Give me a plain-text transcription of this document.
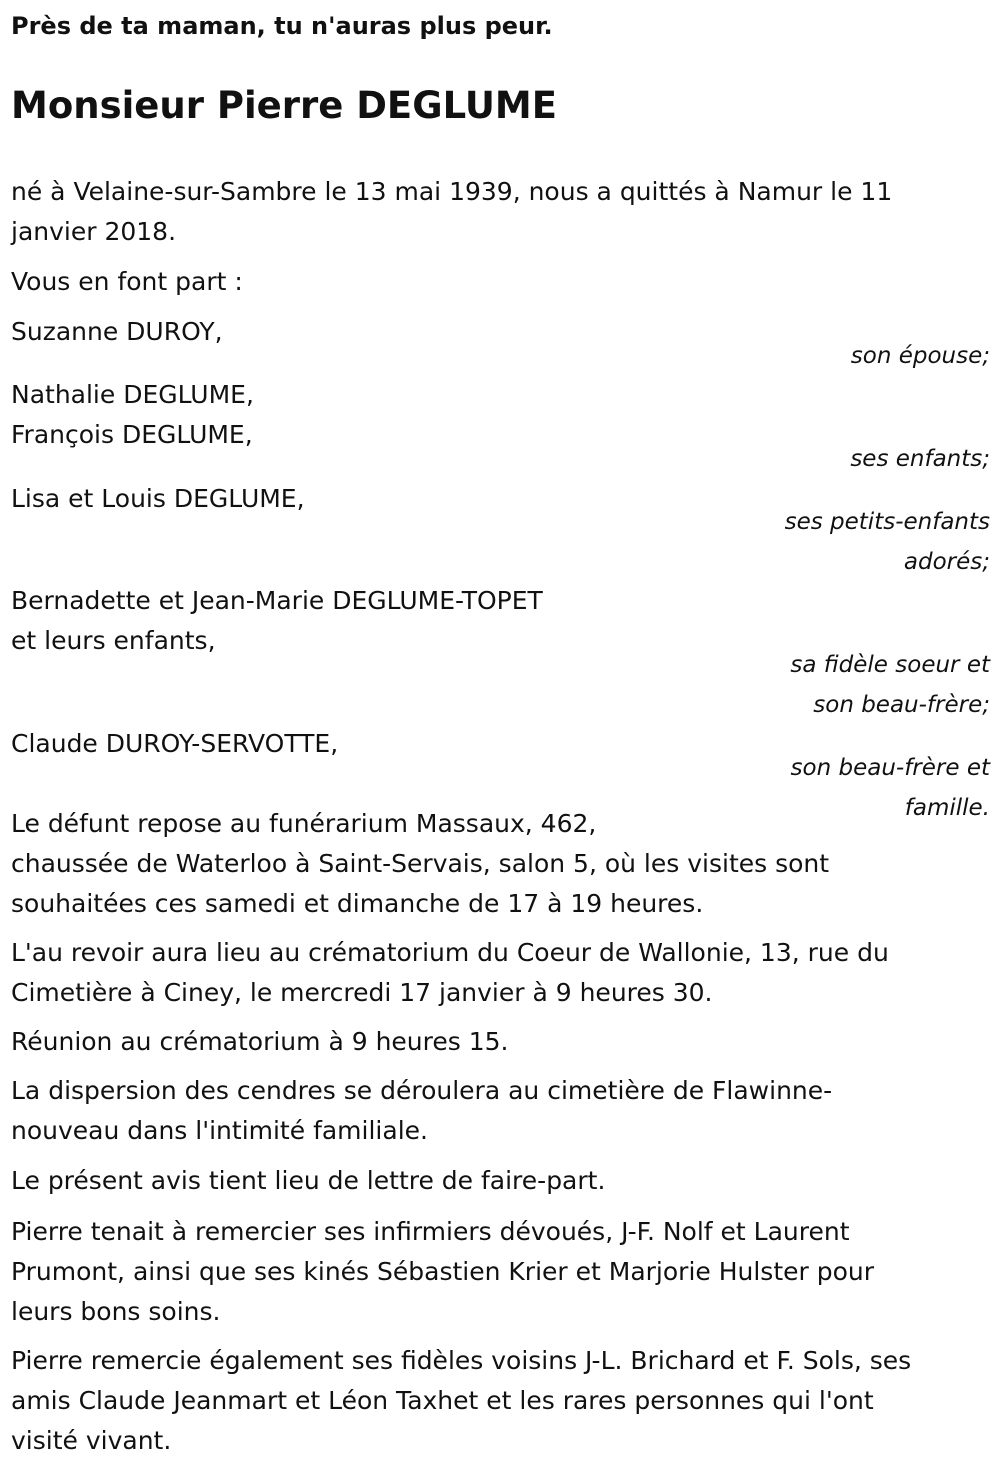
Près de ta maman, tu n'auras plus peur.
Monsieur Pierre DEGLUME
né à Velaine-sur-Sambre le 13 mai 1939, nous a quittés à Namur le 11
janvier 2018.
Vous en font part :
Suzanne DUROY,
son épouse;
Nathalie DEGLUME,
François DEGLUME,
ses enfants;
Lisa et Louis DEGLUME,
ses petits-enfants
adorés;
Bernadette et Jean-Marie DEGLUME-TOPET
et leurs enfants,
sa fidèle soeur et
son beau-frère;
Claude DUROY-SERVOTTE,
son beau-frère et
famille.
Le défunt repose au funérarium Massaux, 462,
chaussée de Waterloo à Saint-Servais, salon 5, où les visites sont
souhaitées ces samedi et dimanche de 17 à 19 heures.
L'au revoir aura lieu au crématorium du Coeur de Wallonie, 13, rue du
Cimetière à Ciney, le mercredi 17 janvier à 9 heures 30.
Réunion au crématorium à 9 heures 15.
La dispersion des cendres se déroulera au cimetière de Flawinne-
nouveau dans l'intimité familiale.
Le présent avis tient lieu de lettre de faire-part.
Pierre tenait à remercier ses infirmiers dévoués, J-F. Nolf et Laurent
Prumont, ainsi que ses kinés Sébastien Krier et Marjorie Hulster pour
leurs bons soins.
Pierre remercie également ses fidèles voisins J-L. Brichard et F. Sols, ses
amis Claude Jeanmart et Léon Taxhet et les rares personnes qui l'ont
visité vivant.
